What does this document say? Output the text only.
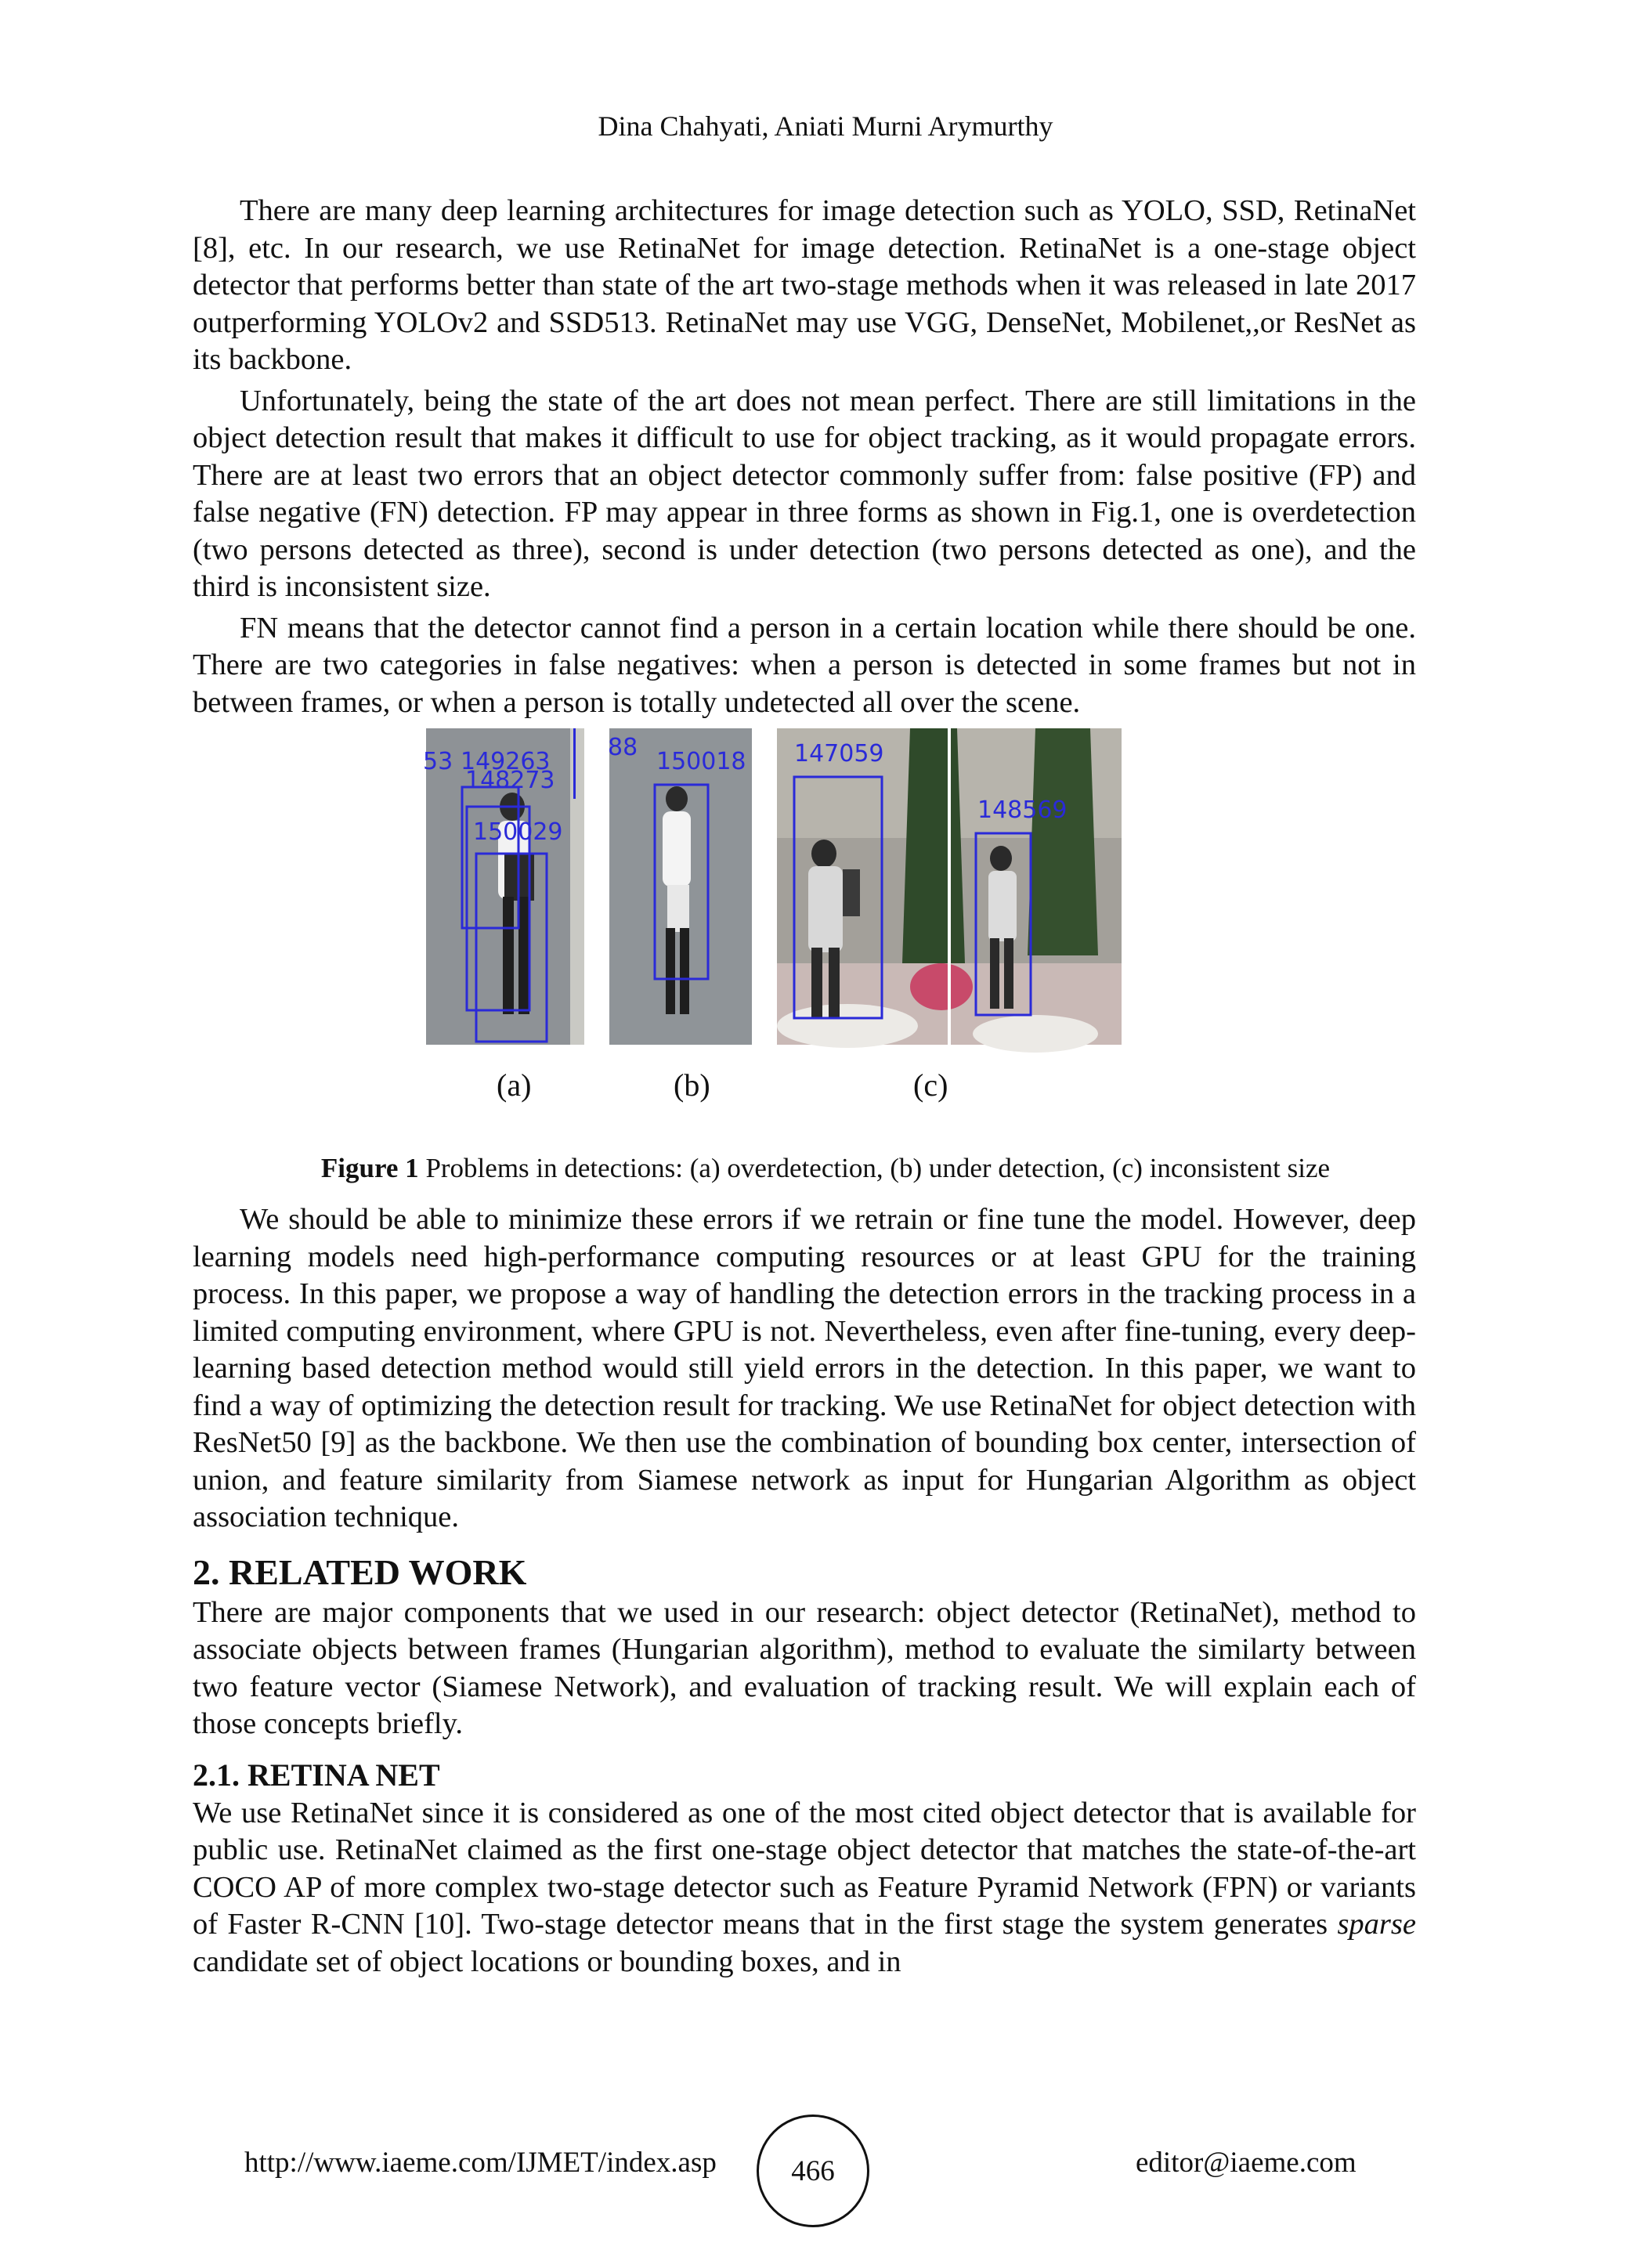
Dina Chahyati, Aniati Murni Arymurthy

There are many deep learning architectures for image detection such as YOLO, SSD, RetinaNet [8], etc. In our research, we use RetinaNet for image detection. RetinaNet is a one-stage object detector that performs better than state of the art two-stage methods when it was released in late 2017 outperforming YOLOv2 and SSD513. RetinaNet may use VGG, DenseNet, Mobilenet,,or ResNet as its backbone.

Unfortunately, being the state of the art does not mean perfect. There are still limitations in the object detection result that makes it difficult to use for object tracking, as it would propagate errors. There are at least two errors that an object detector commonly suffer from: false positive (FP) and false negative (FN) detection. FP may appear in three forms as shown in Fig.1, one is overdetection (two persons detected as three), second is under detection (two persons detected as one), and the third is inconsistent size.

FN means that the detector cannot find a person in a certain location while there should be one. There are two categories in false negatives: when a person is detected in some frames but not in between frames, or when a person is totally undetected all over the scene.

53 149263
148273
150029
88
150018 147059
148569
(a)	(b)	(c)
Figure 1 Problems in detections: (a) overdetection, (b) under detection, (c) inconsistent size

We should be able to minimize these errors if we retrain or fine tune the model. However, deep learning models need high-performance computing resources or at least GPU for the training process. In this paper, we propose a way of handling the detection errors in the tracking process in a limited computing environment, where GPU is not. Nevertheless, even after fine-tuning, every deep-learning based detection method would still yield errors in the detection. In this paper, we want to find a way of optimizing the detection result for tracking. We use RetinaNet for object detection with ResNet50 [9] as the backbone. We then use the combination of bounding box center, intersection of union, and feature similarity from Siamese network as input for Hungarian Algorithm as object association technique.

2. RELATED WORK

There are major components that we used in our research: object detector (RetinaNet), method to associate objects between frames (Hungarian algorithm), method to evaluate the similarty between two feature vector (Siamese Network), and evaluation of tracking result. We will explain each of those concepts briefly.

2.1. RETINA NET

We use RetinaNet since it is considered as one of the most cited object detector that is available for public use. RetinaNet claimed as the first one-stage object detector that matches the state-of-the-art COCO AP of more complex two-stage detector such as Feature Pyramid Network (FPN) or variants of Faster R-CNN [10]. Two-stage detector means that in the first stage the system generates sparse candidate set of object locations or bounding boxes, and in

http://www.iaeme.com/IJMET/index.asp	466	editor@iaeme.com
